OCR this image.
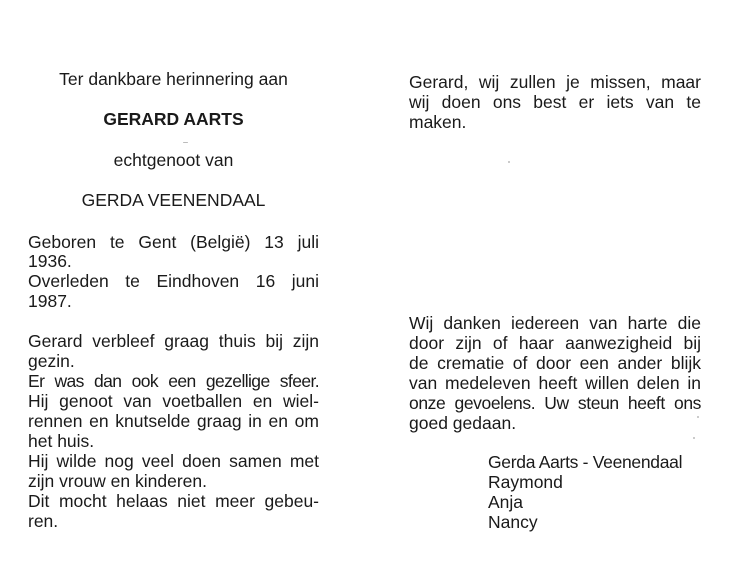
Ter dankbare herinnering aan

GERARD AARTS

echtgenoot van

GERDA VEENENDAAL

Geboren te Gent (België) 13 juli

1936.

Overleden te Eindhoven 16 juni

1987.

Gerard verbleef graag thuis bij zijn

gezin.

Er was dan ook een gezellige sfeer.

Hij genoot van voetballen en wiel-

rennen en knutselde graag in en om

het huis.

Hij wilde nog veel doen samen met

zijn vrouw en kinderen.

Dit mocht helaas niet meer gebeu-

ren.

Gerard, wij zullen je missen, maar

wij doen ons best er iets van te

maken.

Wij danken iedereen van harte die

door zijn of haar aanwezigheid bij

de crematie of door een ander blijk

van medeleven heeft willen delen in

onze gevoelens. Uw steun heeft ons

goed gedaan.

Gerda Aarts - Veenendaal

Raymond

Anja

Nancy
